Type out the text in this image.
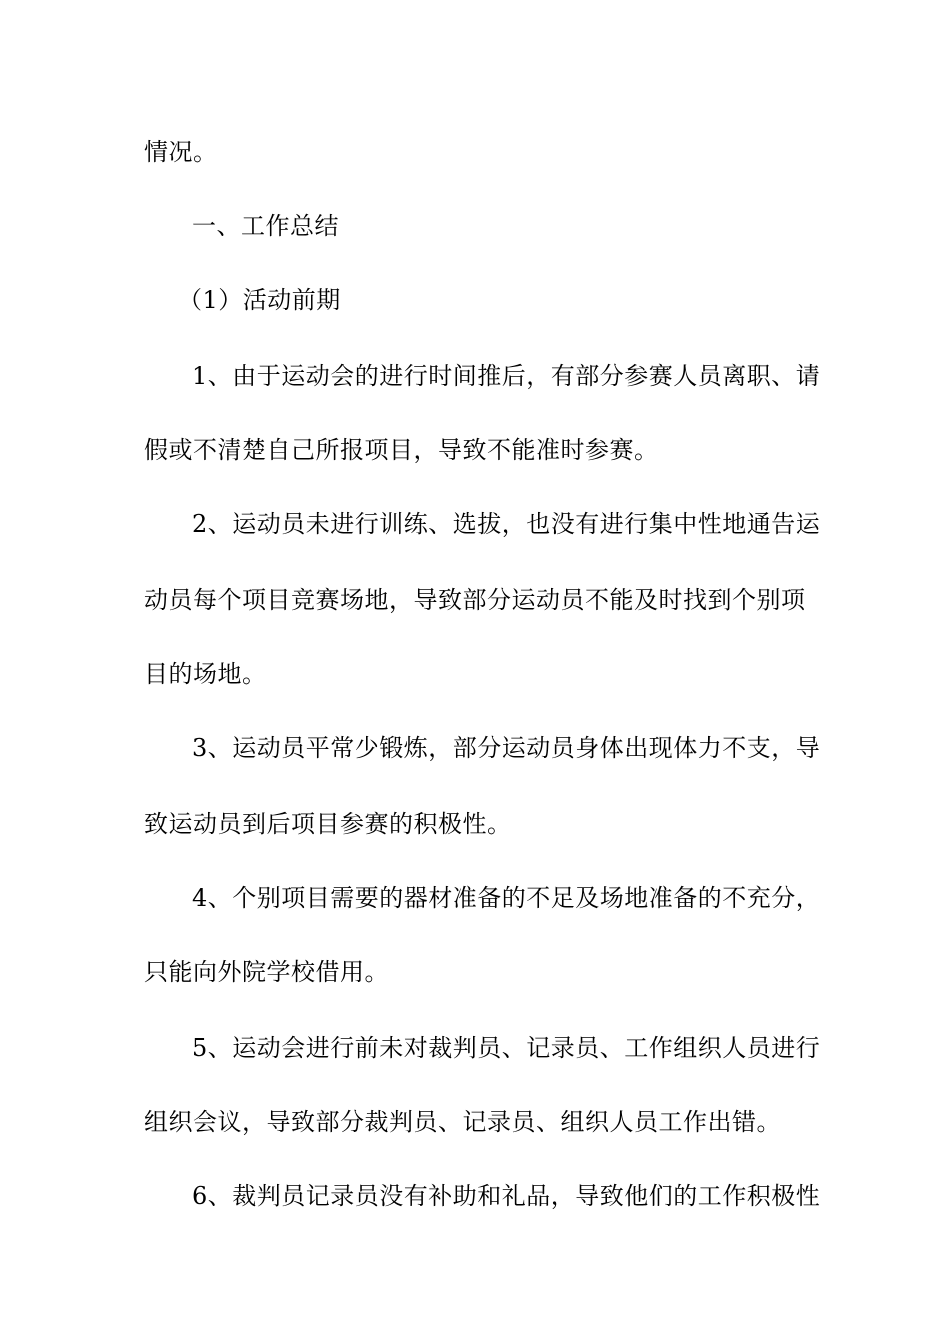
情况。
一、工作总结
（1）活动前期
1、由于运动会的进行时间推后，有部分参赛人员离职、请
假或不清楚自己所报项目，导致不能准时参赛。
2、运动员未进行训练、选拔，也没有进行集中性地通告运
动员每个项目竞赛场地，导致部分运动员不能及时找到个别项
目的场地。
3、运动员平常少锻炼，部分运动员身体出现体力不支，导
致运动员到后项目参赛的积极性。
4、个别项目需要的器材准备的不足及场地准备的不充分，
只能向外院学校借用。
5、运动会进行前未对裁判员、记录员、工作组织人员进行
组织会议，导致部分裁判员、记录员、组织人员工作出错。
6、裁判员记录员没有补助和礼品，导致他们的工作积极性
